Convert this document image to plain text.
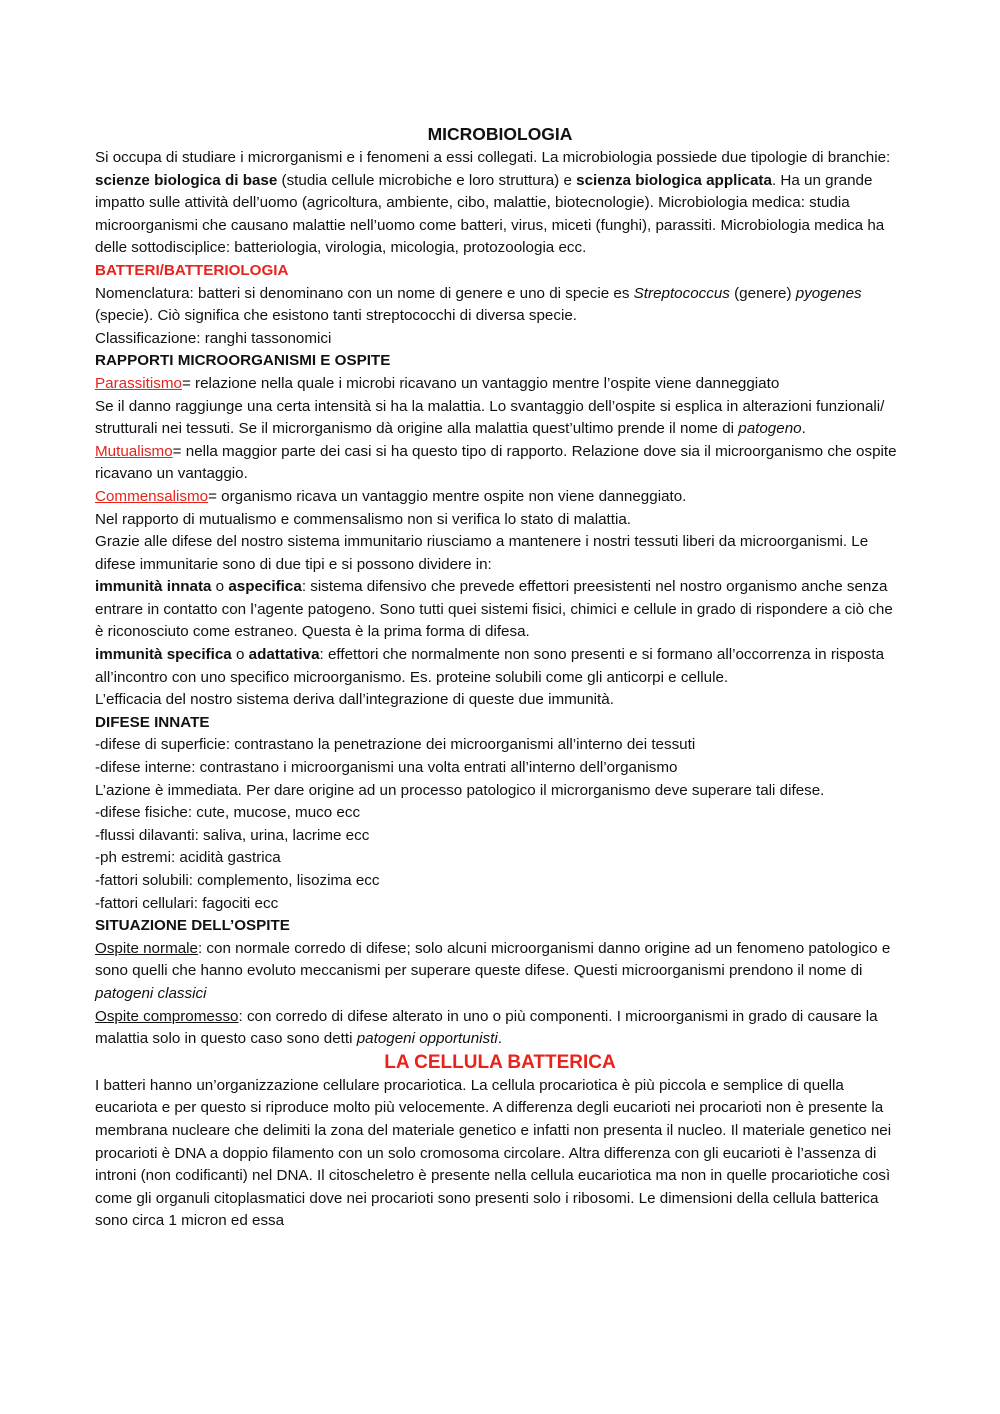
MICROBIOLOGIA

Si occupa di studiare i microrganismi e i fenomeni a essi collegati. La microbiologia possiede due tipologie di branchie: scienze biologica di base (studia cellule microbiche e loro struttura) e scienza biologica applicata. Ha un grande impatto sulle attività dell’uomo (agricoltura, ambiente, cibo, malattie, biotecnologie). Microbiologia medica: studia microorganismi che causano malattie nell’uomo come batteri, virus, miceti (funghi), parassiti. Microbiologia medica ha delle sottodisciplice: batteriologia, virologia, micologia, protozoologia ecc.

BATTERI/BATTERIOLOGIA

Nomenclatura: batteri si denominano con un nome di genere e uno di specie es Streptococcus (genere) pyogenes (specie). Ciò significa che esistono tanti streptococchi di diversa specie.

Classificazione: ranghi tassonomici

RAPPORTI MICROORGANISMI E OSPITE

Parassitismo= relazione nella quale i microbi ricavano un vantaggio mentre l’ospite viene danneggiato

Se il danno raggiunge una certa intensità si ha la malattia. Lo svantaggio dell’ospite si esplica in alterazioni funzionali/ strutturali nei tessuti. Se il microrganismo dà origine alla malattia quest’ultimo prende il nome di patogeno.

Mutualismo= nella maggior parte dei casi si ha questo tipo di rapporto. Relazione dove sia il microorganismo che ospite ricavano un vantaggio.

Commensalismo= organismo ricava un vantaggio mentre ospite non viene danneggiato.

Nel rapporto di mutualismo e commensalismo non si verifica lo stato di malattia.

Grazie alle difese del nostro sistema immunitario riusciamo a mantenere i nostri tessuti liberi da microorganismi. Le difese immunitarie sono di due tipi e si possono dividere in:

immunità innata o aspecifica: sistema difensivo che prevede effettori preesistenti nel nostro organismo anche senza entrare in contatto con l’agente patogeno. Sono tutti quei sistemi fisici, chimici e cellule in grado di rispondere a ciò che è riconosciuto come estraneo. Questa è la prima forma di difesa.

immunità specifica o adattativa: effettori che normalmente non sono presenti e si formano all’occorrenza in risposta all’incontro con uno specifico microorganismo. Es. proteine solubili come gli anticorpi e cellule.

L’efficacia del nostro sistema deriva dall’integrazione di queste due immunità.

DIFESE INNATE

-difese di superficie: contrastano la penetrazione dei microorganismi all’interno dei tessuti

-difese interne: contrastano i microorganismi una volta entrati all’interno dell’organismo

L’azione è immediata. Per dare origine ad un processo patologico il microrganismo deve superare tali difese.

-difese fisiche: cute, mucose, muco ecc

-flussi dilavanti: saliva, urina, lacrime ecc

-ph estremi: acidità gastrica

-fattori solubili: complemento, lisozima ecc

-fattori cellulari: fagociti ecc

SITUAZIONE DELL’OSPITE

Ospite normale: con normale corredo di difese; solo alcuni microorganismi danno origine ad un fenomeno patologico e sono quelli che hanno evoluto meccanismi per superare queste difese. Questi microorganismi prendono il nome di patogeni classici

Ospite compromesso: con corredo di difese alterato in uno o più componenti. I microorganismi in grado di causare la malattia solo in questo caso sono detti patogeni opportunisti.

LA CELLULA BATTERICA

I batteri hanno un’organizzazione cellulare procariotica. La cellula procariotica è più piccola e semplice di quella eucariota e per questo si riproduce molto più velocemente. A differenza degli eucarioti nei procarioti non è presente la membrana nucleare che delimiti la zona del materiale genetico e infatti non presenta il nucleo. Il materiale genetico nei procarioti è DNA a doppio filamento con un solo cromosoma circolare. Altra differenza con gli eucarioti è l’assenza di introni (non codificanti) nel DNA. Il citoscheletro è presente nella cellula eucariotica ma non in quelle procariotiche così come gli organuli citoplasmatici dove nei procarioti sono presenti solo i ribosomi. Le dimensioni della cellula batterica sono circa 1 micron ed essa
